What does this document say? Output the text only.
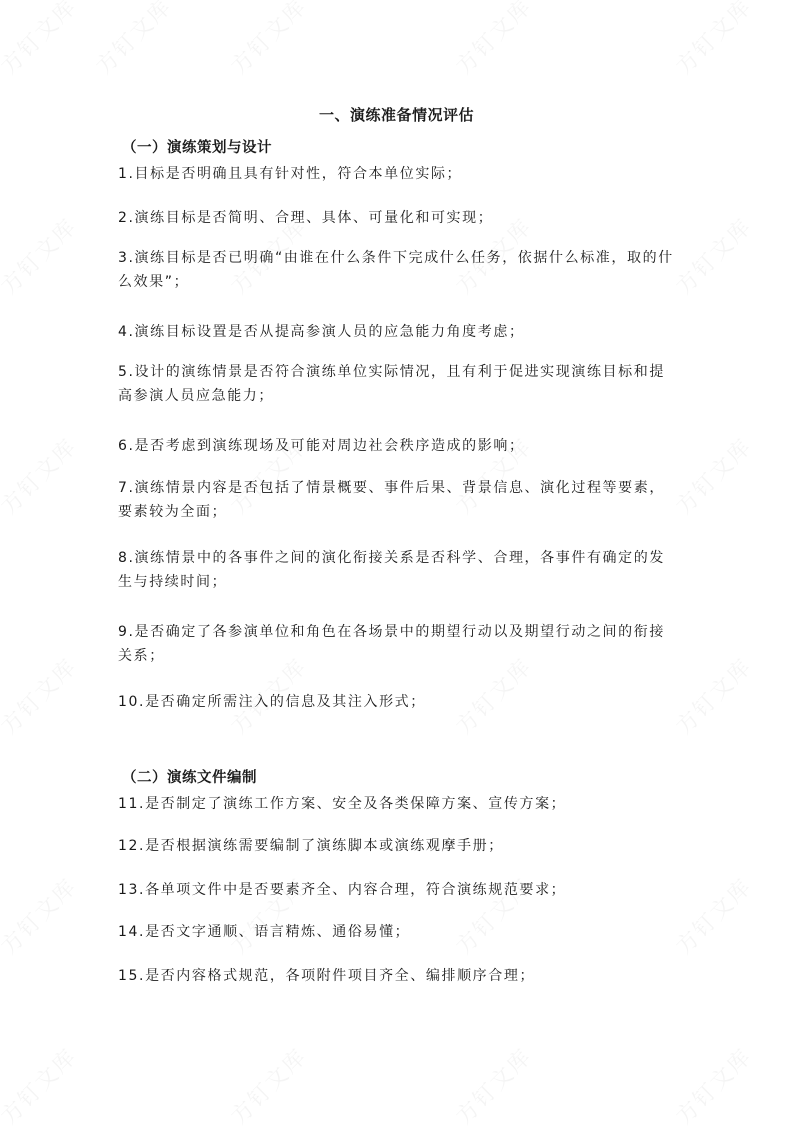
一、演练准备情况评估
（一）演练策划与设计
1.目标是否明确且具有针对性，符合本单位实际；
2.演练目标是否简明、合理、具体、可量化和可实现；
3.演练目标是否已明确“由谁在什么条件下完成什么任务，依据什么标准，取的什么效果”；
4.演练目标设置是否从提高参演人员的应急能力角度考虑；
5.设计的演练情景是否符合演练单位实际情况，且有利于促进实现演练目标和提高参演人员应急能力；
6.是否考虑到演练现场及可能对周边社会秩序造成的影响；
7.演练情景内容是否包括了情景概要、事件后果、背景信息、演化过程等要素，要素较为全面；
8.演练情景中的各事件之间的演化衔接关系是否科学、合理，各事件有确定的发生与持续时间；
9.是否确定了各参演单位和角色在各场景中的期望行动以及期望行动之间的衔接关系；
10.是否确定所需注入的信息及其注入形式；
（二）演练文件编制
11.是否制定了演练工作方案、安全及各类保障方案、宣传方案；
12.是否根据演练需要编制了演练脚本或演练观摩手册；
13.各单项文件中是否要素齐全、内容合理，符合演练规范要求；
14.是否文字通顺、语言精炼、通俗易懂；
15.是否内容格式规范，各项附件项目齐全、编排顺序合理；
